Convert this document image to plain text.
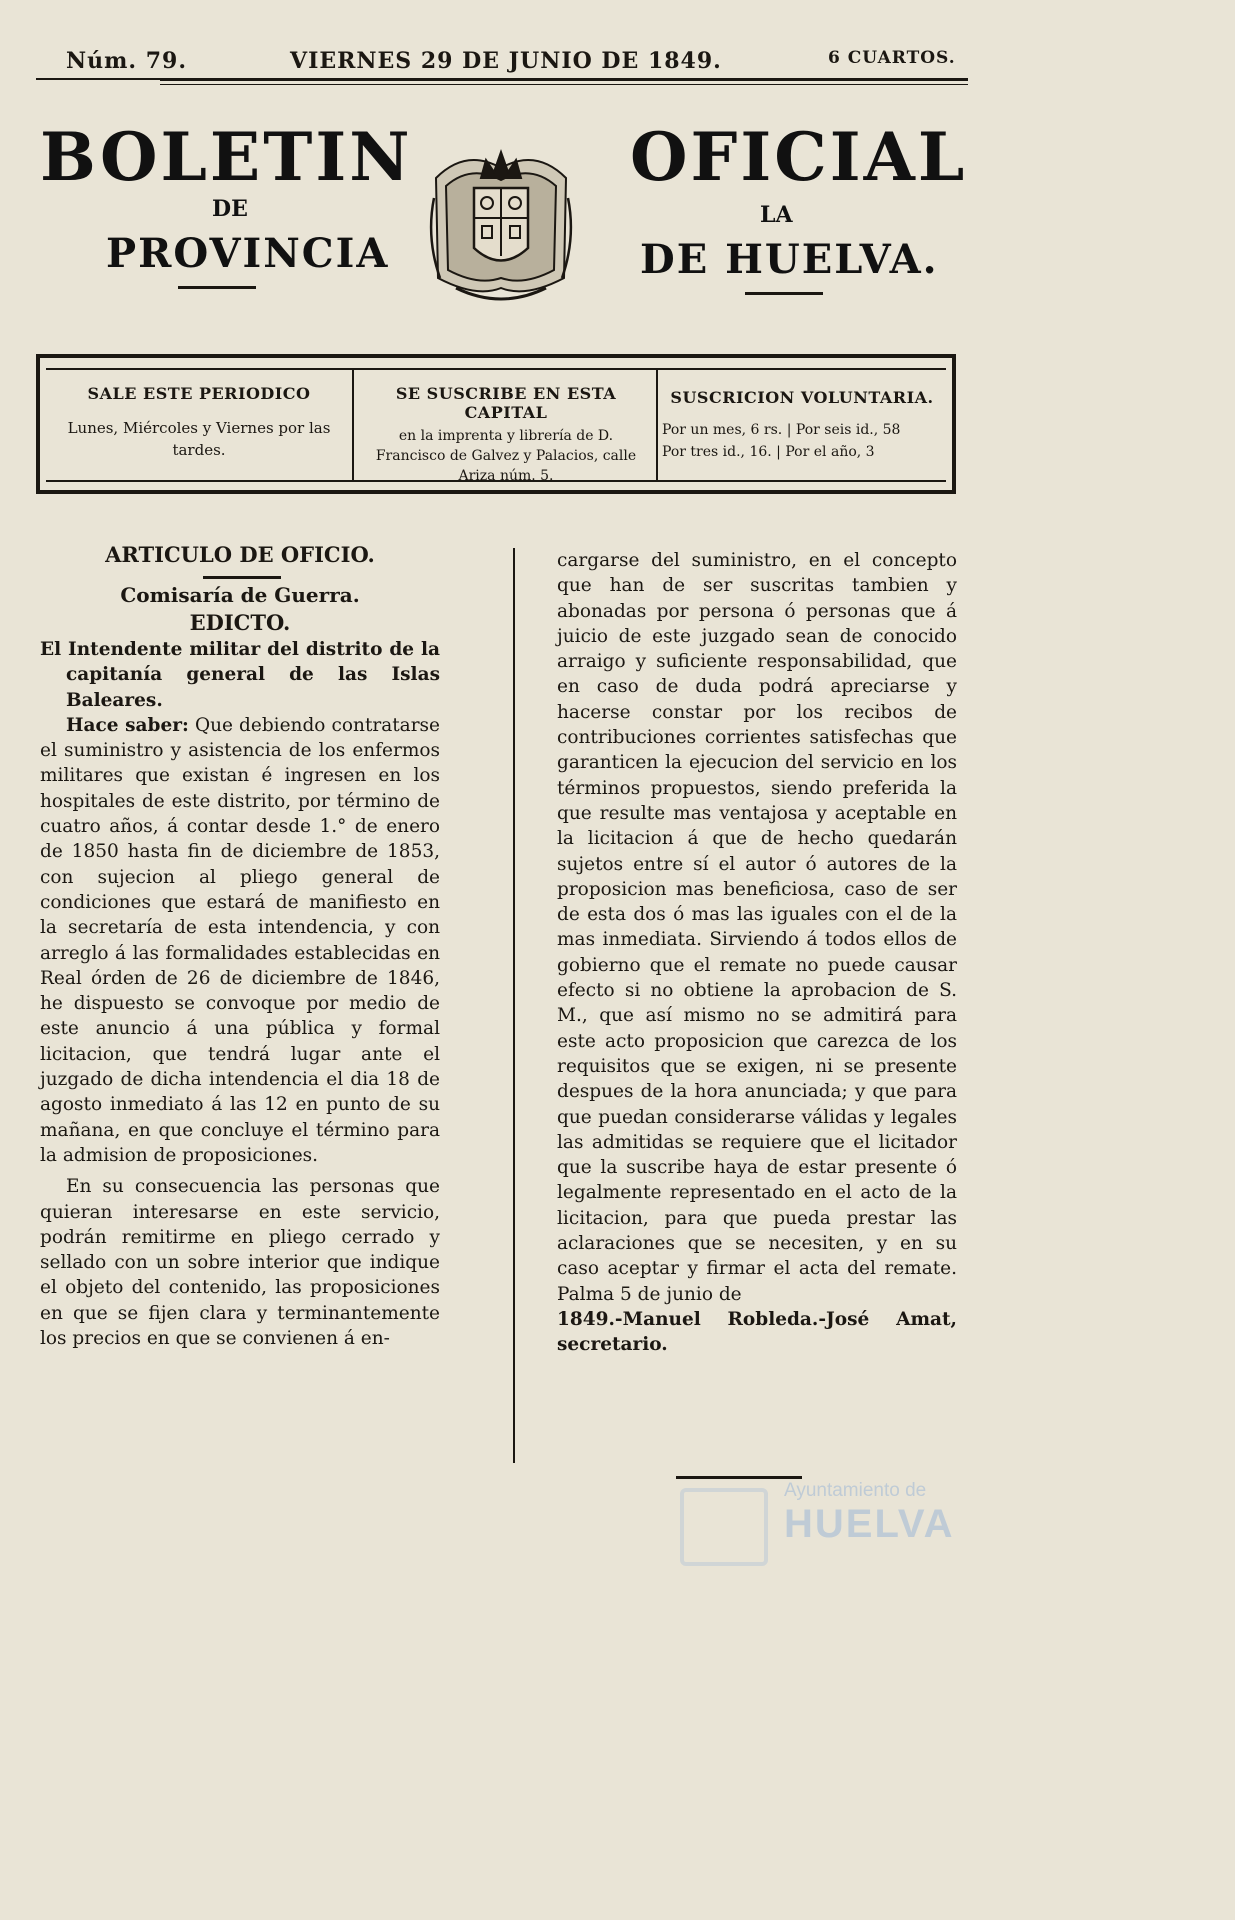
Núm. 79.	VIERNES 29 DE JUNIO DE 1849.	6 CUARTOS.
BOLETIN
DE
PROVINCIA
OFICIAL
LA
DE HUELVA.
SALE ESTE PERIODICO
Lunes, Miércoles y Viernes por las tardes.
SE SUSCRIBE EN ESTA CAPITAL
en la imprenta y librería de D. Francisco de Galvez y Palacios, calle Ariza núm. 5.
SUSCRICION VOLUNTARIA.
Por un mes, 6 rs. | Por seis id., 58
Por tres id., 16. | Por el año, 3

ARTICULO DE OFICIO.

Comisaría de Guerra.

EDICTO.

El Intendente militar del distrito de la capitanía general de las Islas Baleares.

Hace saber: Que debiendo contratarse el suministro y asistencia de los enfermos militares que existan é ingresen en los hospitales de este distrito, por término de cuatro años, á contar desde 1.° de enero de 1850 hasta fin de diciembre de 1853, con sujecion al pliego general de condiciones que estará de manifiesto en la secretaría de esta intendencia, y con arreglo á las formalidades establecidas en Real órden de 26 de diciembre de 1846, he dispuesto se convoque por medio de este anuncio á una pública y formal licitacion, que tendrá lugar ante el juzgado de dicha intendencia el dia 18 de agosto inmediato á las 12 en punto de su mañana, en que concluye el término para la admision de proposiciones.

En su consecuencia las personas que quieran interesarse en este servicio, podrán remitirme en pliego cerrado y sellado con un sobre interior que indique el objeto del contenido, las proposiciones en que se fijen clara y terminantemente los precios en que se convienen á en-

cargarse del suministro, en el concepto que han de ser suscritas tambien y abonadas por persona ó personas que á juicio de este juzgado sean de conocido arraigo y suficiente responsabilidad, que en caso de duda podrá apreciarse y hacerse constar por los recibos de contribuciones corrientes satisfechas que garanticen la ejecucion del servicio en los términos propuestos, siendo preferida la que resulte mas ventajosa y aceptable en la licitacion á que de hecho quedarán sujetos entre sí el autor ó autores de la proposicion mas beneficiosa, caso de ser de esta dos ó mas las iguales con el de la mas inmediata. Sirviendo á todos ellos de gobierno que el remate no puede causar efecto si no obtiene la aprobacion de S. M., que así mismo no se admitirá para este acto proposicion que carezca de los requisitos que se exigen, ni se presente despues de la hora anunciada; y que para que puedan considerarse válidas y legales las admitidas se requiere que el licitador que la suscribe haya de estar presente ó legalmente representado en el acto de la licitacion, para que pueda prestar las aclaraciones que se necesiten, y en su caso aceptar y firmar el acta del remate. Palma 5 de junio de

1849.-Manuel Robleda.-José Amat, secretario.

Ayuntamiento de
HUELVA
